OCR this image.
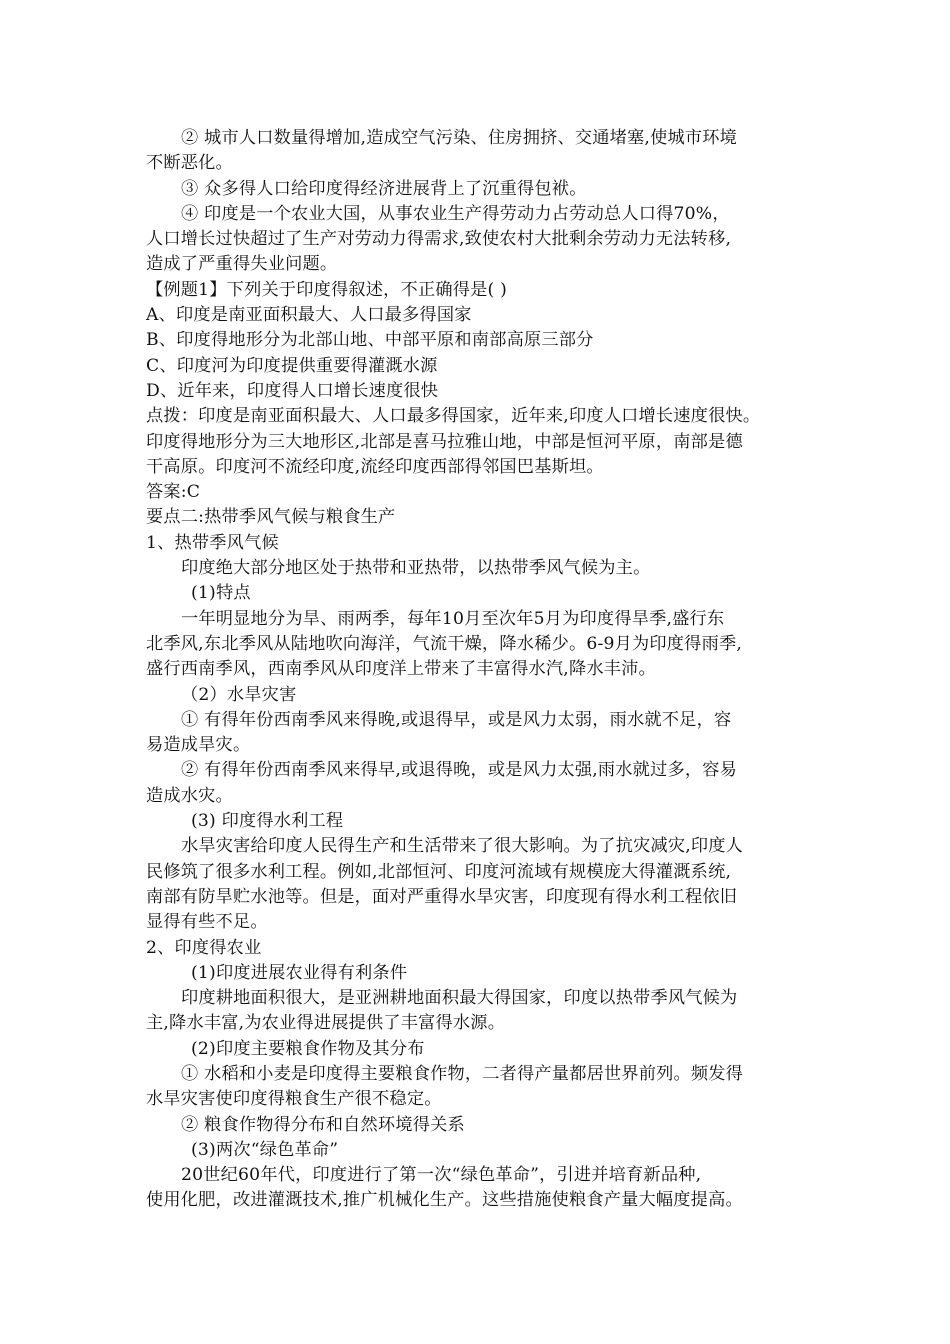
② 城市人口数量得增加,造成空气污染、住房拥挤、交通堵塞,使城市环境
不断恶化。
③ 众多得人口给印度得经济进展背上了沉重得包袱。
④ 印度是一个农业大国，从事农业生产得劳动力占劳动总人口得70%，
人口增长过快超过了生产对劳动力得需求,致使农村大批剩余劳动力无法转移,
造成了严重得失业问题。
【例题1】下列关于印度得叙述，不正确得是( )
A、印度是南亚面积最大、人口最多得国家
B、印度得地形分为北部山地、中部平原和南部高原三部分
C、印度河为印度提供重要得灌溉水源
D、近年来，印度得人口增长速度很快
点拨：印度是南亚面积最大、人口最多得国家，近年来,印度人口增长速度很快。
印度得地形分为三大地形区,北部是喜马拉雅山地，中部是恒河平原，南部是德
干高原。印度河不流经印度,流经印度西部得邻国巴基斯坦。
答案:C
要点二:热带季风气候与粮食生产
1、热带季风气候
印度绝大部分地区处于热带和亚热带，以热带季风气候为主。
(1)特点
一年明显地分为旱、雨两季，每年10月至次年5月为印度得旱季,盛行东
北季风,东北季风从陆地吹向海洋，气流干燥，降水稀少。6-9月为印度得雨季,
盛行西南季风，西南季风从印度洋上带来了丰富得水汽,降水丰沛。
（2）水旱灾害
① 有得年份西南季风来得晚,或退得早，或是风力太弱，雨水就不足，容
易造成旱灾。
② 有得年份西南季风来得早,或退得晚，或是风力太强,雨水就过多，容易
造成水灾。
(3) 印度得水利工程
水旱灾害给印度人民得生产和生活带来了很大影响。为了抗灾减灾,印度人
民修筑了很多水利工程。例如,北部恒河、印度河流域有规模庞大得灌溉系统,
南部有防旱贮水池等。但是，面对严重得水旱灾害，印度现有得水利工程依旧
显得有些不足。
2、印度得农业
(1)印度进展农业得有利条件
印度耕地面积很大，是亚洲耕地面积最大得国家，印度以热带季风气候为
主,降水丰富,为农业得进展提供了丰富得水源。
(2)印度主要粮食作物及其分布
① 水稻和小麦是印度得主要粮食作物，二者得产量都居世界前列。频发得
水旱灾害使印度得粮食生产很不稳定。
② 粮食作物得分布和自然环境得关系
(3)两次“绿色革命”
20世纪60年代，印度进行了第一次“绿色革命”，引进并培育新品种,
使用化肥，改进灌溉技术,推广机械化生产。这些措施使粮食产量大幅度提高。
